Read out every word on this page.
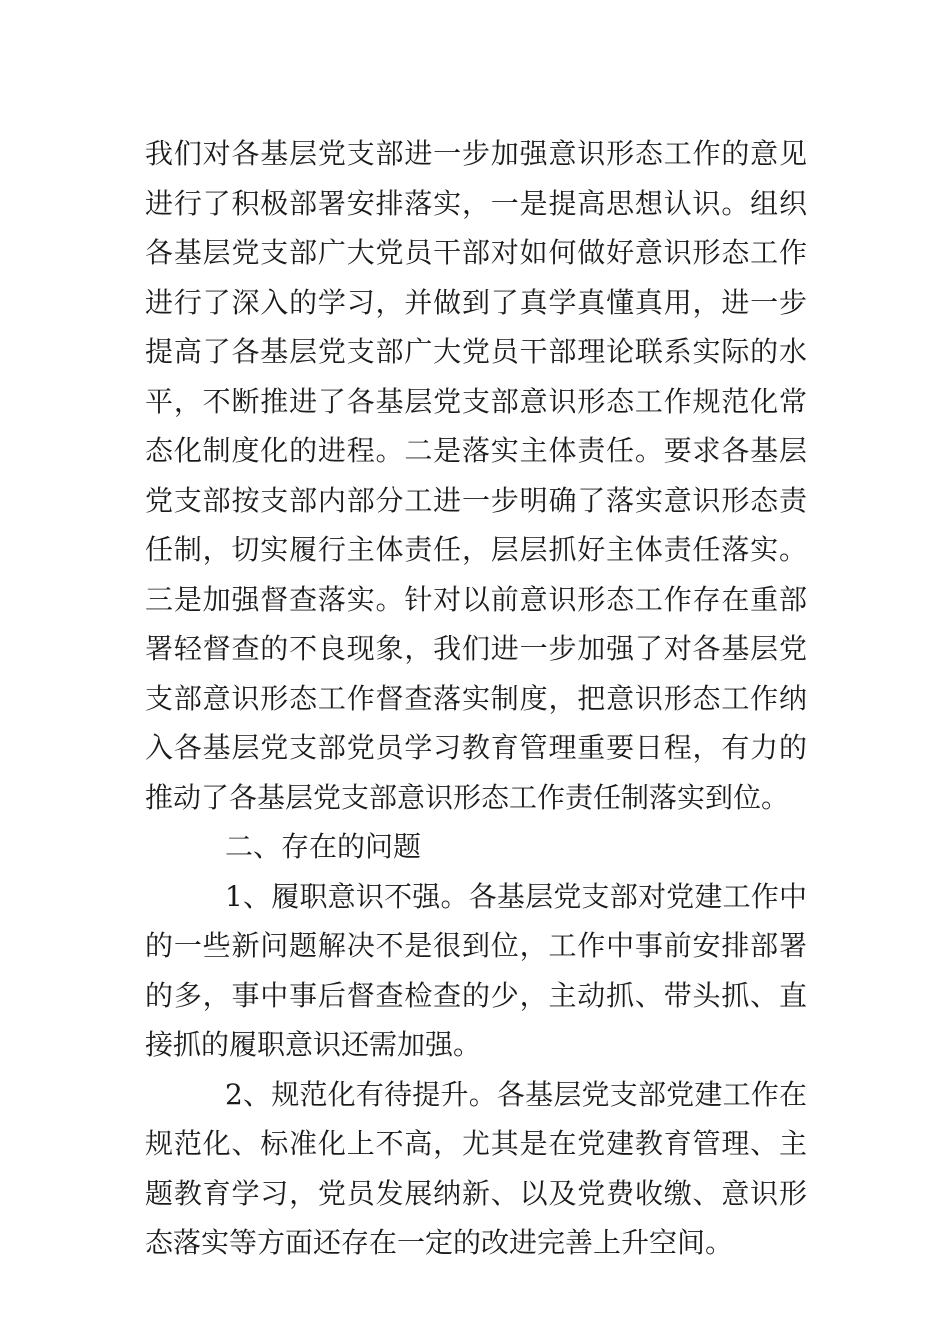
我们对各基层党支部进一步加强意识形态工作的意见进行了积极部署安排落实，一是提高思想认识。组织各基层党支部广大党员干部对如何做好意识形态工作进行了深入的学习，并做到了真学真懂真用，进一步提高了各基层党支部广大党员干部理论联系实际的水平，不断推进了各基层党支部意识形态工作规范化常态化制度化的进程。二是落实主体责任。要求各基层党支部按支部内部分工进一步明确了落实意识形态责任制，切实履行主体责任，层层抓好主体责任落实。三是加强督查落实。针对以前意识形态工作存在重部署轻督查的不良现象，我们进一步加强了对各基层党支部意识形态工作督查落实制度，把意识形态工作纳入各基层党支部党员学习教育管理重要日程，有力的推动了各基层党支部意识形态工作责任制落实到位。

二、存在的问题

1、履职意识不强。各基层党支部对党建工作中的一些新问题解决不是很到位，工作中事前安排部署的多，事中事后督查检查的少，主动抓、带头抓、直接抓的履职意识还需加强。

2、规范化有待提升。各基层党支部党建工作在规范化、标准化上不高，尤其是在党建教育管理、主题教育学习，党员发展纳新、以及党费收缴、意识形态落实等方面还存在一定的改进完善上升空间。
